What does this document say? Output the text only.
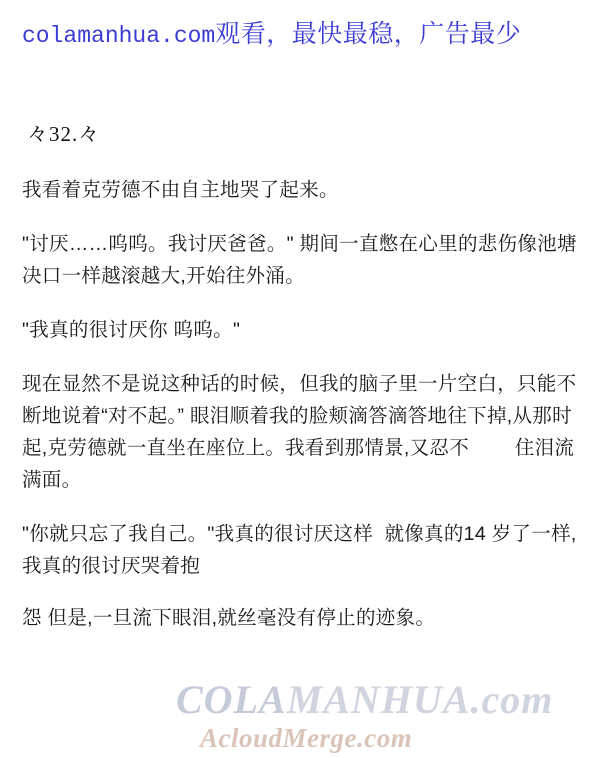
colamanhua.com观看，最快最稳，广告最少
々32.々

我看着克劳德不由自主地哭了起来。

"讨厌……呜呜。我讨厌爸爸。" 期间一直憋在心里的悲伤像池塘决口一样越滚越大,开始往外涌。

"我真的很讨厌你 呜呜。"

现在显然不是说这种话的时候，但我的脑子里一片空白，只能不断地说着“对不起。” 眼泪顺着我的脸颊滴答滴答地往下掉,从那时起,克劳德就一直坐在座位上。我看到那情景,又忍不        住泪流满面。

"你就只忘了我自己。"我真的很讨厌这样  就像真的14 岁了一样,我真的很讨厌哭着抱

怨 但是,一旦流下眼泪,就丝毫没有停止的迹象。

COLAMANHUA.com
AcloudMerge.com
